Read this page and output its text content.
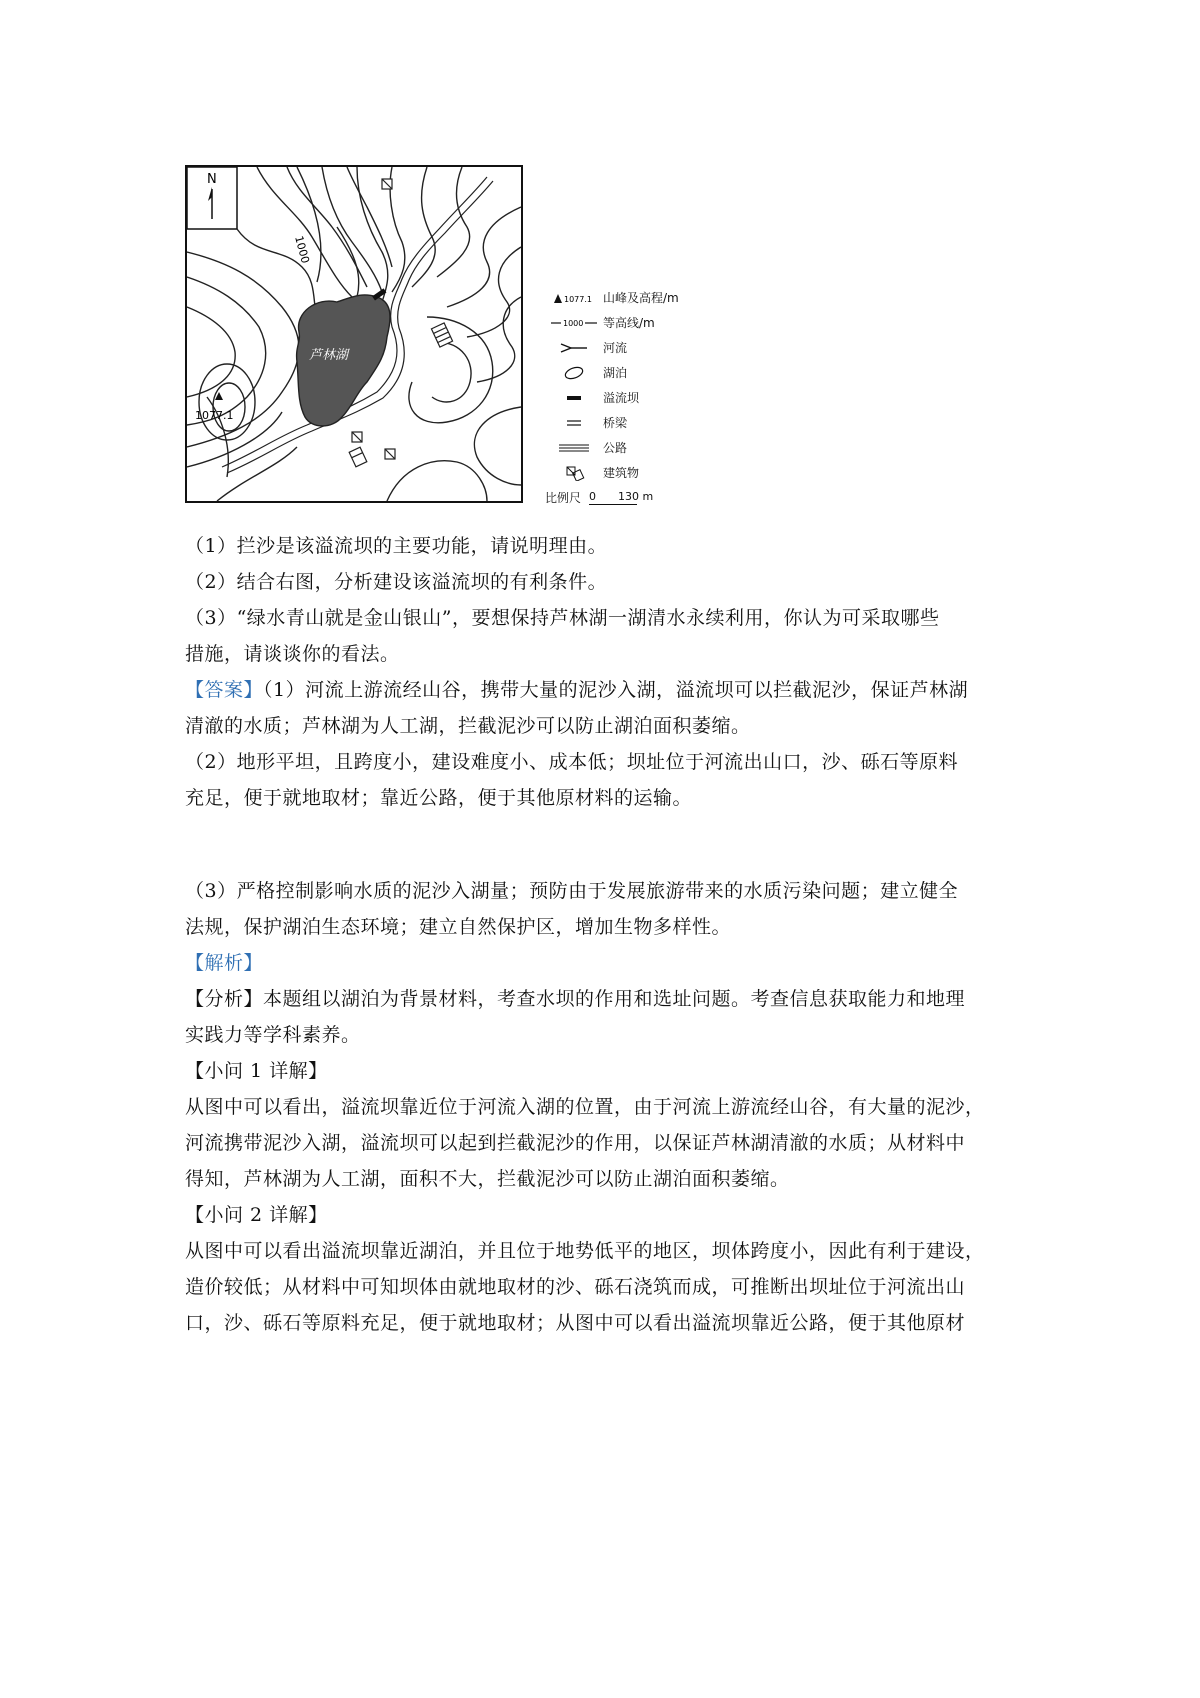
N
1077.1
1000
芦林湖
1077.1 山峰及高程/m
1000 等高线/m
河流
湖泊
溢流坝
桥梁
公路
建筑物
比例尺 0 130 m

（1）拦沙是该溢流坝的主要功能，请说明理由。

（2）结合右图，分析建设该溢流坝的有利条件。

（3）“绿水青山就是金山银山”，要想保持芦林湖一湖清水永续利用，你认为可采取哪些

措施，请谈谈你的看法。

【答案】（1）河流上游流经山谷，携带大量的泥沙入湖，溢流坝可以拦截泥沙，保证芦林湖

清澈的水质；芦林湖为人工湖，拦截泥沙可以防止湖泊面积萎缩。

（2）地形平坦，且跨度小，建设难度小、成本低；坝址位于河流出山口，沙、砾石等原料

充足，便于就地取材；靠近公路，便于其他原材料的运输。

（3）严格控制影响水质的泥沙入湖量；预防由于发展旅游带来的水质污染问题；建立健全

法规，保护湖泊生态环境；建立自然保护区，增加生物多样性。

【解析】

【分析】本题组以湖泊为背景材料，考查水坝的作用和选址问题。考查信息获取能力和地理

实践力等学科素养。

【小问 1 详解】

从图中可以看出，溢流坝靠近位于河流入湖的位置，由于河流上游流经山谷，有大量的泥沙，

河流携带泥沙入湖，溢流坝可以起到拦截泥沙的作用，以保证芦林湖清澈的水质；从材料中

得知，芦林湖为人工湖，面积不大，拦截泥沙可以防止湖泊面积萎缩。

【小问 2 详解】

从图中可以看出溢流坝靠近湖泊，并且位于地势低平的地区，坝体跨度小，因此有利于建设，

造价较低；从材料中可知坝体由就地取材的沙、砾石浇筑而成，可推断出坝址位于河流出山

口，沙、砾石等原料充足，便于就地取材；从图中可以看出溢流坝靠近公路，便于其他原材
